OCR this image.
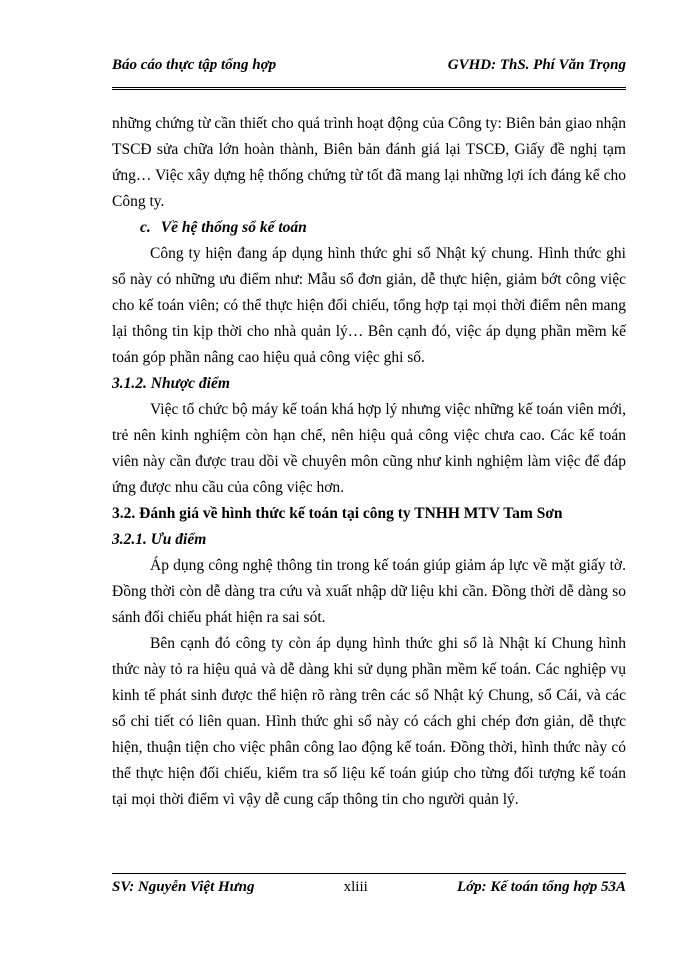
Báo cáo thực tập tổng hợp	GVHD: ThS. Phí Văn Trọng

những chứng từ cần thiết cho quá trình hoạt động của Công ty: Biên bản giao nhận TSCĐ sửa chữa lớn hoàn thành, Biên bản đánh giá lại TSCĐ, Giấy đề nghị tạm ứng… Việc xây dựng hệ thống chứng từ tốt đã mang lại những lợi ích đáng kể cho Công ty.

c. Về hệ thống sổ kế toán

Công ty hiện đang áp dụng hình thức ghi sổ Nhật ký chung. Hình thức ghi sổ này có những ưu điểm như: Mẫu sổ đơn giản, dễ thực hiện, giảm bớt công việc cho kế toán viên; có thể thực hiện đối chiếu, tổng hợp tại mọi thời điểm nên mang lại thông tin kịp thời cho nhà quản lý… Bên cạnh đó, việc áp dụng phần mềm kế toán góp phần nâng cao hiệu quả công việc ghi sổ.

3.1.2. Nhược điểm

Việc tổ chức bộ máy kế toán khá hợp lý nhưng việc những kế toán viên mới, trẻ nên kinh nghiệm còn hạn chế, nên hiệu quả công việc chưa cao. Các kế toán viên này cần được trau dồi về chuyên môn cũng như kinh nghiệm làm việc để đáp ứng được nhu cầu của công việc hơn.

3.2. Đánh giá về hình thức kế toán tại công ty TNHH MTV Tam Sơn

3.2.1. Ưu điểm

Áp dụng công nghệ thông tin trong kế toán giúp giảm áp lực về mặt giấy tờ. Đồng thời còn dễ dàng tra cứu và xuất nhập dữ liệu khi cần. Đồng thời dễ dàng so sánh đối chiếu phát hiện ra sai sót.

Bên cạnh đó công ty còn áp dụng hình thức ghi sổ là Nhật kí Chung hình thức này tỏ ra hiệu quả và dễ dàng khi sử dụng phần mềm kế toán. Các nghiệp vụ kinh tế phát sinh được thể hiện rõ ràng trên các sổ Nhật ký Chung, sổ Cái, và các sổ chi tiết có liên quan. Hình thức ghi sổ này có cách ghi chép đơn giản, dễ thực hiện, thuận tiện cho việc phân công lao động kế toán. Đồng thời, hình thức này có thể thực hiện đối chiếu, kiểm tra số liệu kế toán giúp cho từng đối tượng kế toán tại mọi thời điểm vì vậy dễ cung cấp thông tin cho người quản lý.

SV: Nguyễn Việt Hưng	xliii	Lớp: Kế toán tổng hợp 53A
